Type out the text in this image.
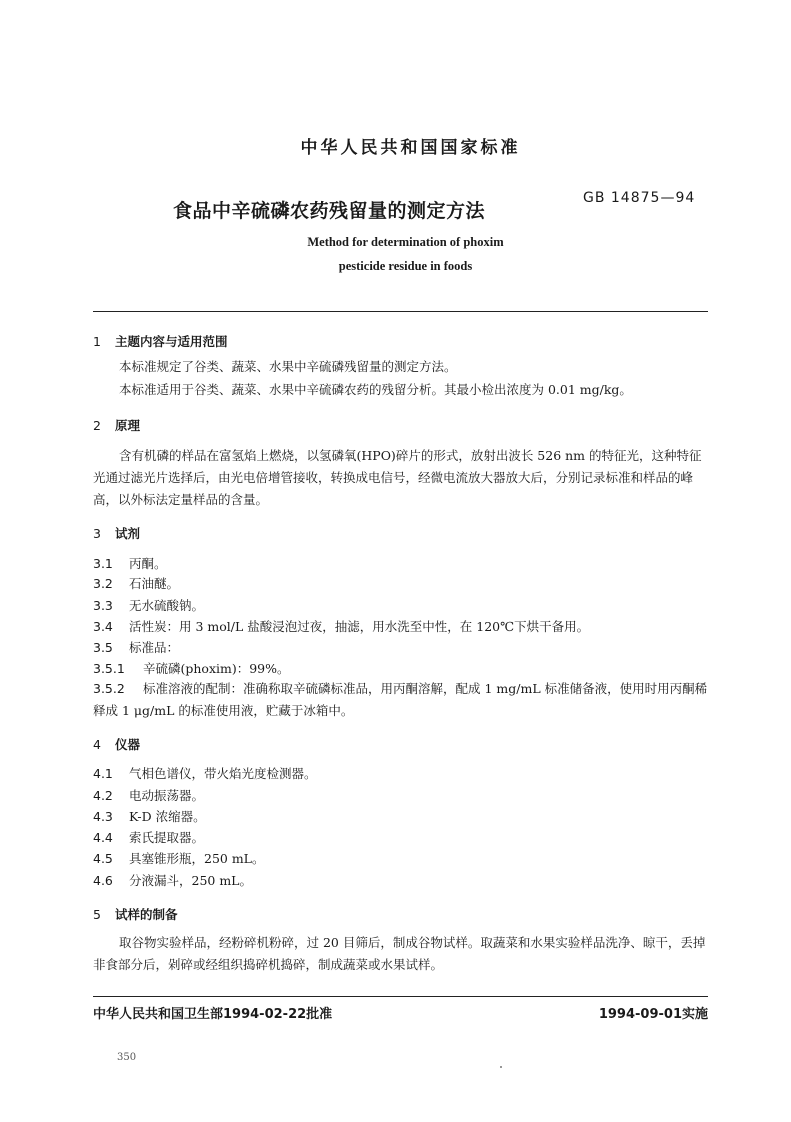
中华人民共和国国家标准
食品中辛硫磷农药残留量的测定方法
GB 14875—94
Method for determination of phoxim
pesticide residue in foods
1 主题内容与适用范围
本标准规定了谷类、蔬菜、水果中辛硫磷残留量的测定方法。
本标准适用于谷类、蔬菜、水果中辛硫磷农药的残留分析。其最小检出浓度为 0.01 mg/kg。
2 原理
含有机磷的样品在富氢焰上燃烧，以氢磷氧(HPO)碎片的形式，放射出波长 526 nm 的特征光，这种特征光通过滤光片选择后，由光电倍增管接收，转换成电信号，经微电流放大器放大后，分别记录标准和样品的峰高，以外标法定量样品的含量。
3 试剂
3.1 丙酮。
3.2 石油醚。
3.3 无水硫酸钠。
3.4 活性炭：用 3 mol/L 盐酸浸泡过夜，抽滤，用水洗至中性，在 120℃下烘干备用。
3.5 标准品：
3.5.1 辛硫磷(phoxim)：99%。
3.5.2 标准溶液的配制：准确称取辛硫磷标准品，用丙酮溶解，配成 1 mg/mL 标准储备液，使用时用丙酮稀释成 1 μg/mL 的标准使用液，贮藏于冰箱中。
4 仪器
4.1 气相色谱仪，带火焰光度检测器。
4.2 电动振荡器。
4.3 K-D 浓缩器。
4.4 索氏提取器。
4.5 具塞锥形瓶，250 mL。
4.6 分液漏斗，250 mL。
5 试样的制备
取谷物实验样品，经粉碎机粉碎，过 20 目筛后，制成谷物试样。取蔬菜和水果实验样品洗净、晾干，丢掉非食部分后，剁碎或经组织捣碎机捣碎，制成蔬菜或水果试样。
中华人民共和国卫生部1994-02-22批准	1994-09-01实施
350
